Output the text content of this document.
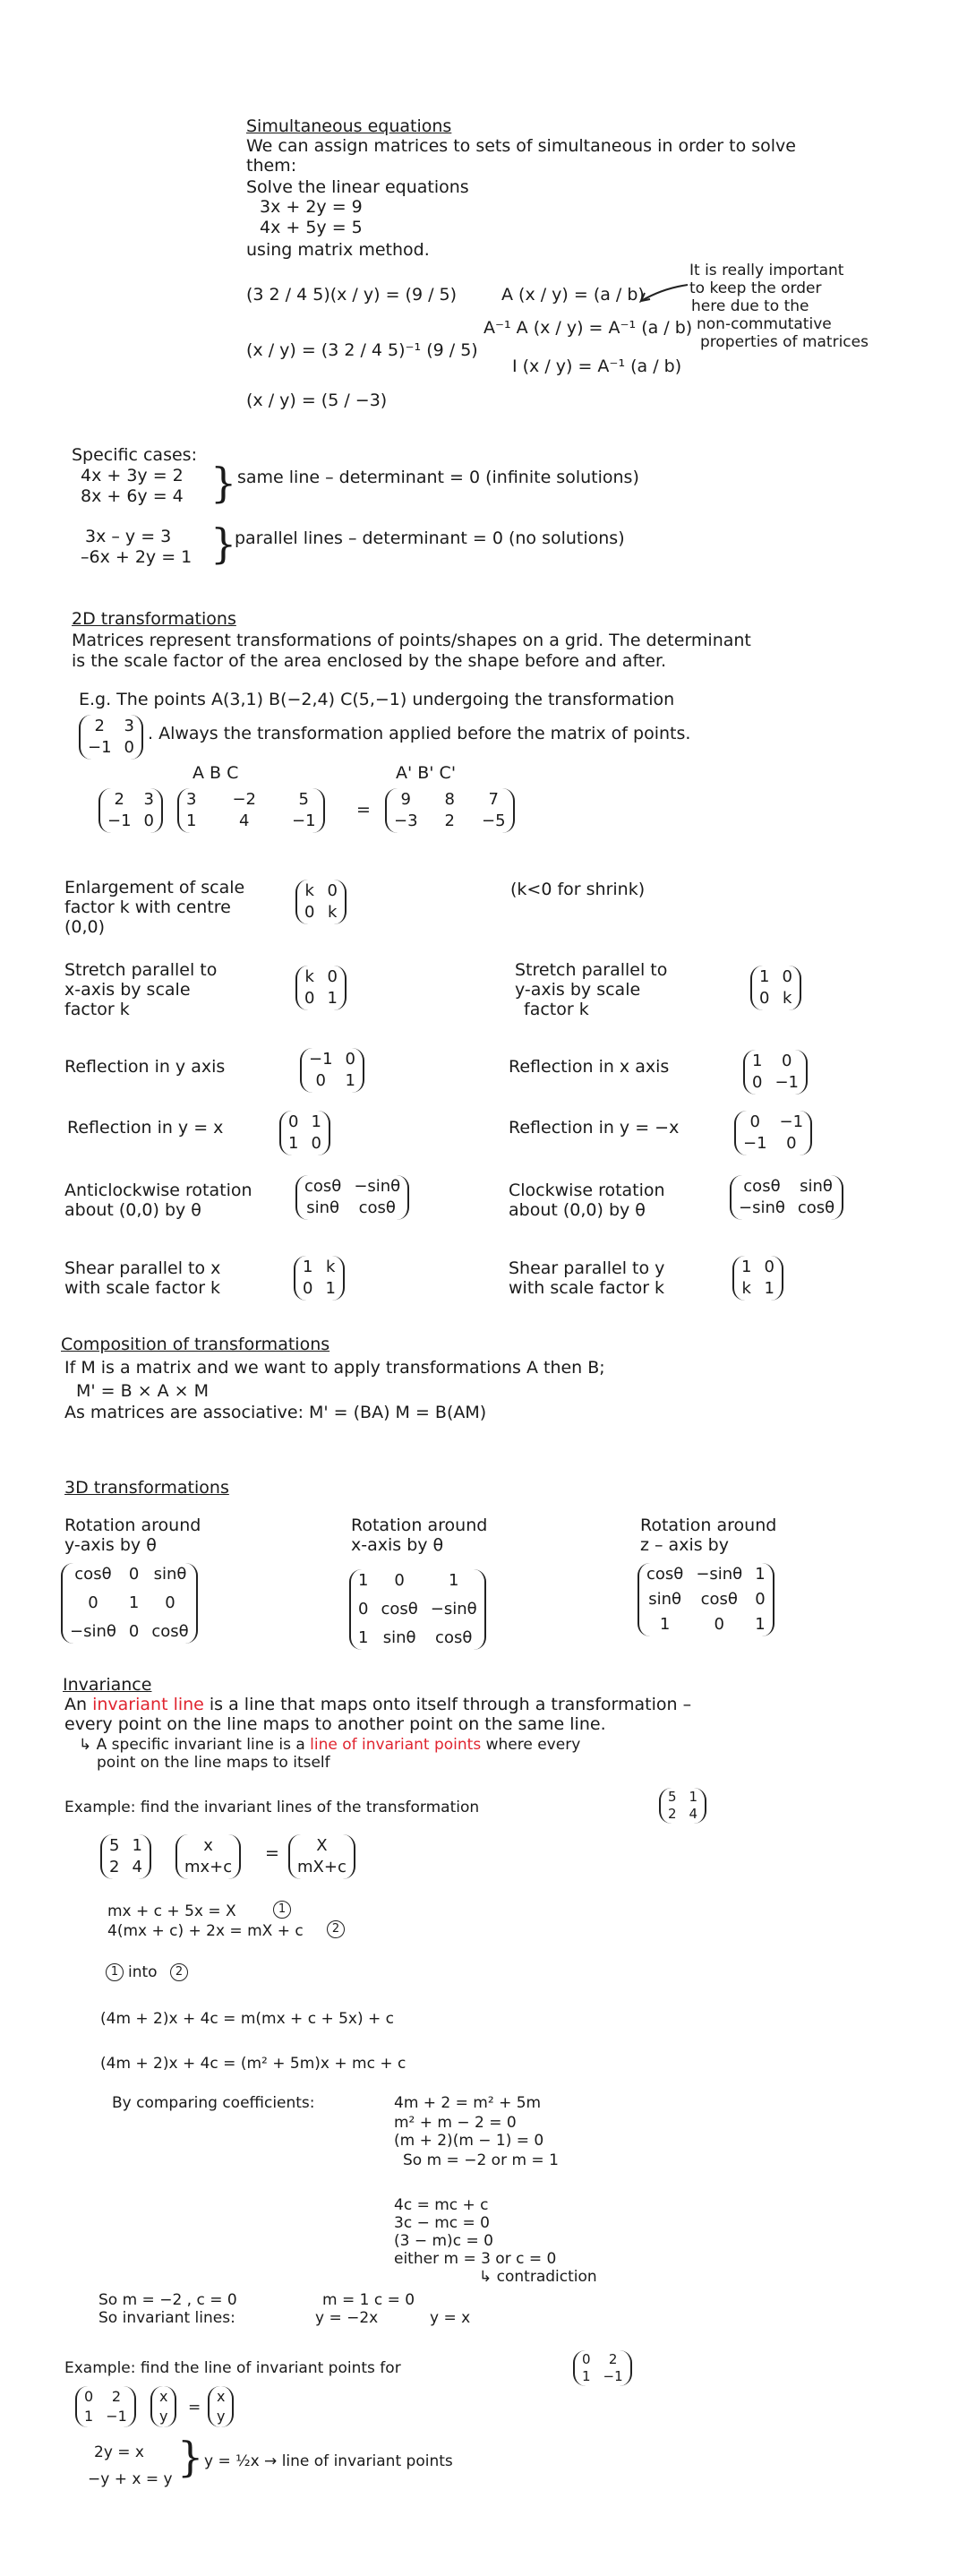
Simultaneous equations
We can assign matrices to sets of simultaneous in order to solve
them:
Solve the linear equations
3x + 2y = 9
4x + 5y = 5
using matrix method.
(3 2 / 4 5)(x / y) = (9 / 5)
(x / y) = (3 2 / 4 5)⁻¹ (9 / 5)
(x / y) = (5 / −3)
A (x / y) = (a / b)
A⁻¹ A (x / y) = A⁻¹ (a / b)
I (x / y) = A⁻¹ (a / b)
It is really important
to keep the order
here due to the
non-commutative
properties of matrices
Specific cases:
4x + 3y = 2
8x + 6y = 4 } same line – determinant = 0 (infinite solutions)
3x – y = 3
–6x + 2y = 1 }
parallel lines – determinant = 0 (no solutions)
2D transformations
Matrices represent transformations of points/shapes on a grid. The determinant
is the scale factor of the area enclosed by the shape before and after.
E.g. The points A(3,1) B(−2,4) C(5,−1) undergoing the transformation
2	3
−1 0
. Always the transformation applied before the matrix of points.
A B C	A' B' C'
2	3
−1 0
3 −2	5
1	4	−1
=
9	8	7
−3 2 −5
Enlargement of scale
factor k with centre
(0,0)
k 0
0 k
(k<0 for shrink)
Stretch parallel to
x-axis by scale
factor k
k 0
0 1
Stretch parallel to
y-axis by scale
factor k
1 0
0 k
Reflection in y axis	−1 0
0	1
Reflection in x axis	1	0
0 −1
Reflection in y = x	0 1
1 0
Reflection in y = −x	0	−1
−1	0
Anticlockwise rotation
about (0,0) by θ
cosθ −sinθ
sinθ cosθ
Clockwise rotation
about (0,0) by θ
cosθ sinθ
−sinθ cosθ
Shear parallel to x
with scale factor k
1 k
0 1
Shear parallel to y
with scale factor k
1 0
k 1
Composition of transformations
If M is a matrix and we want to apply transformations A then B;
M' = B × A × M
As matrices are associative: M' = (BA) M = B(AM)
3D transformations
Rotation around
y-axis by θ
cosθ 0 sinθ
0	1	0
−sinθ 0 cosθ
Rotation around
x-axis by θ
1	0	1
0 cosθ −sinθ
1 sinθ cosθ
Rotation around
z – axis by
cosθ −sinθ 1
sinθ cosθ 0
1	0	1
Invariance
An invariant line is a line that maps onto itself through a transformation –
every point on the line maps to another point on the same line.
↳ A specific invariant line is a line of invariant points where every
point on the line maps to itself
Example: find the invariant lines of the transformation
5 1
2 4
5 1
2 4
x
mx+c
=	X
mX+c
mx + c + 5x = X	1
4(mx + c) + 2x = mX + c	2
1 into	2
(4m + 2)x + 4c = m(mx + c + 5x) + c
(4m + 2)x + 4c = (m² + 5m)x + mc + c
By comparing coefficients:	4m + 2 = m² + 5m
m² + m − 2 = 0
(m + 2)(m − 1) = 0
So m = −2 or m = 1
4c = mc + c
3c − mc = 0
(3 − m)c = 0
either m = 3 or c = 0
↳ contradiction
So m = −2 , c = 0	m = 1 c = 0
So invariant lines:	y = −2x	y = x
Example: find the line of invariant points for	0	2
1 −1
0	2
1 −1
x
y =
x
y
2y = x
−y + x = y } y = ½x → line of invariant points
